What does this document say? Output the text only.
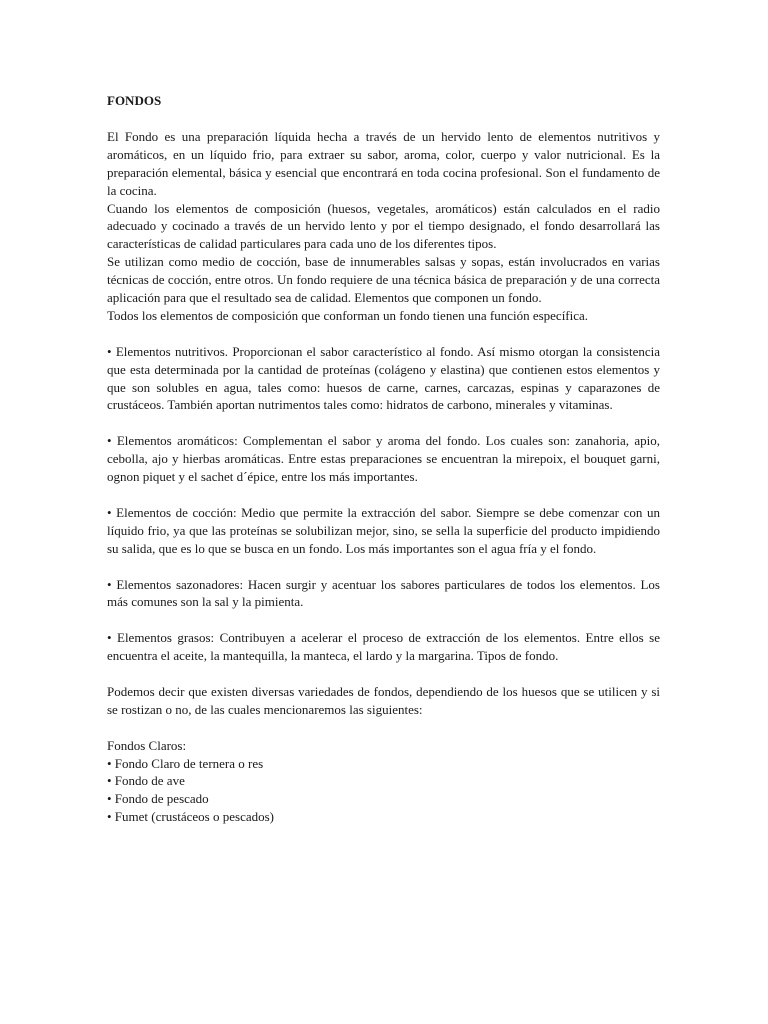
FONDOS

El Fondo es una preparación líquida hecha a través de un hervido lento de elementos nutritivos y aromáticos, en un líquido frio, para extraer su sabor, aroma, color, cuerpo y valor nutricional. Es la preparación elemental, básica y esencial que encontrará en toda cocina profesional. Son el fundamento de la cocina.

Cuando los elementos de composición (huesos, vegetales, aromáticos) están calculados en el radio adecuado y cocinado a través de un hervido lento y por el tiempo designado, el fondo desarrollará las características de calidad particulares para cada uno de los diferentes tipos.

Se utilizan como medio de cocción, base de innumerables salsas y sopas, están involucrados en varias técnicas de cocción, entre otros. Un fondo requiere de una técnica básica de preparación y de una correcta aplicación para que el resultado sea de calidad. Elementos que componen un fondo.

Todos los elementos de composición que conforman un fondo tienen una función específica.

• Elementos nutritivos. Proporcionan el sabor característico al fondo. Así mismo otorgan la consistencia que esta determinada por la cantidad de proteínas (colágeno y elastina) que contienen estos elementos y que son solubles en agua, tales como: huesos de carne, carnes, carcazas, espinas y caparazones de crustáceos. También aportan nutrimentos tales como: hidratos de carbono, minerales y vitaminas.

• Elementos aromáticos: Complementan el sabor y aroma del fondo. Los cuales son: zanahoria, apio, cebolla, ajo y hierbas aromáticas. Entre estas preparaciones se encuentran la mirepoix, el bouquet garni, ognon piquet y el sachet d´épice, entre los más importantes.

• Elementos de cocción: Medio que permite la extracción del sabor. Siempre se debe comenzar con un líquido frio, ya que las proteínas se solubilizan mejor, sino, se sella la superficie del producto impidiendo su salida, que es lo que se busca en un fondo. Los más importantes son el agua fría y el fondo.

• Elementos sazonadores: Hacen surgir y acentuar los sabores particulares de todos los elementos. Los más comunes son la sal y la pimienta.

• Elementos grasos: Contribuyen a acelerar el proceso de extracción de los elementos. Entre ellos se encuentra el aceite, la mantequilla, la manteca, el lardo y la margarina. Tipos de fondo.

Podemos decir que existen diversas variedades de fondos, dependiendo de los huesos que se utilicen y si se rostizan o no, de las cuales mencionaremos las siguientes:

Fondos Claros:

• Fondo Claro de ternera o res
• Fondo de ave
• Fondo de pescado
• Fumet (crustáceos o pescados)
